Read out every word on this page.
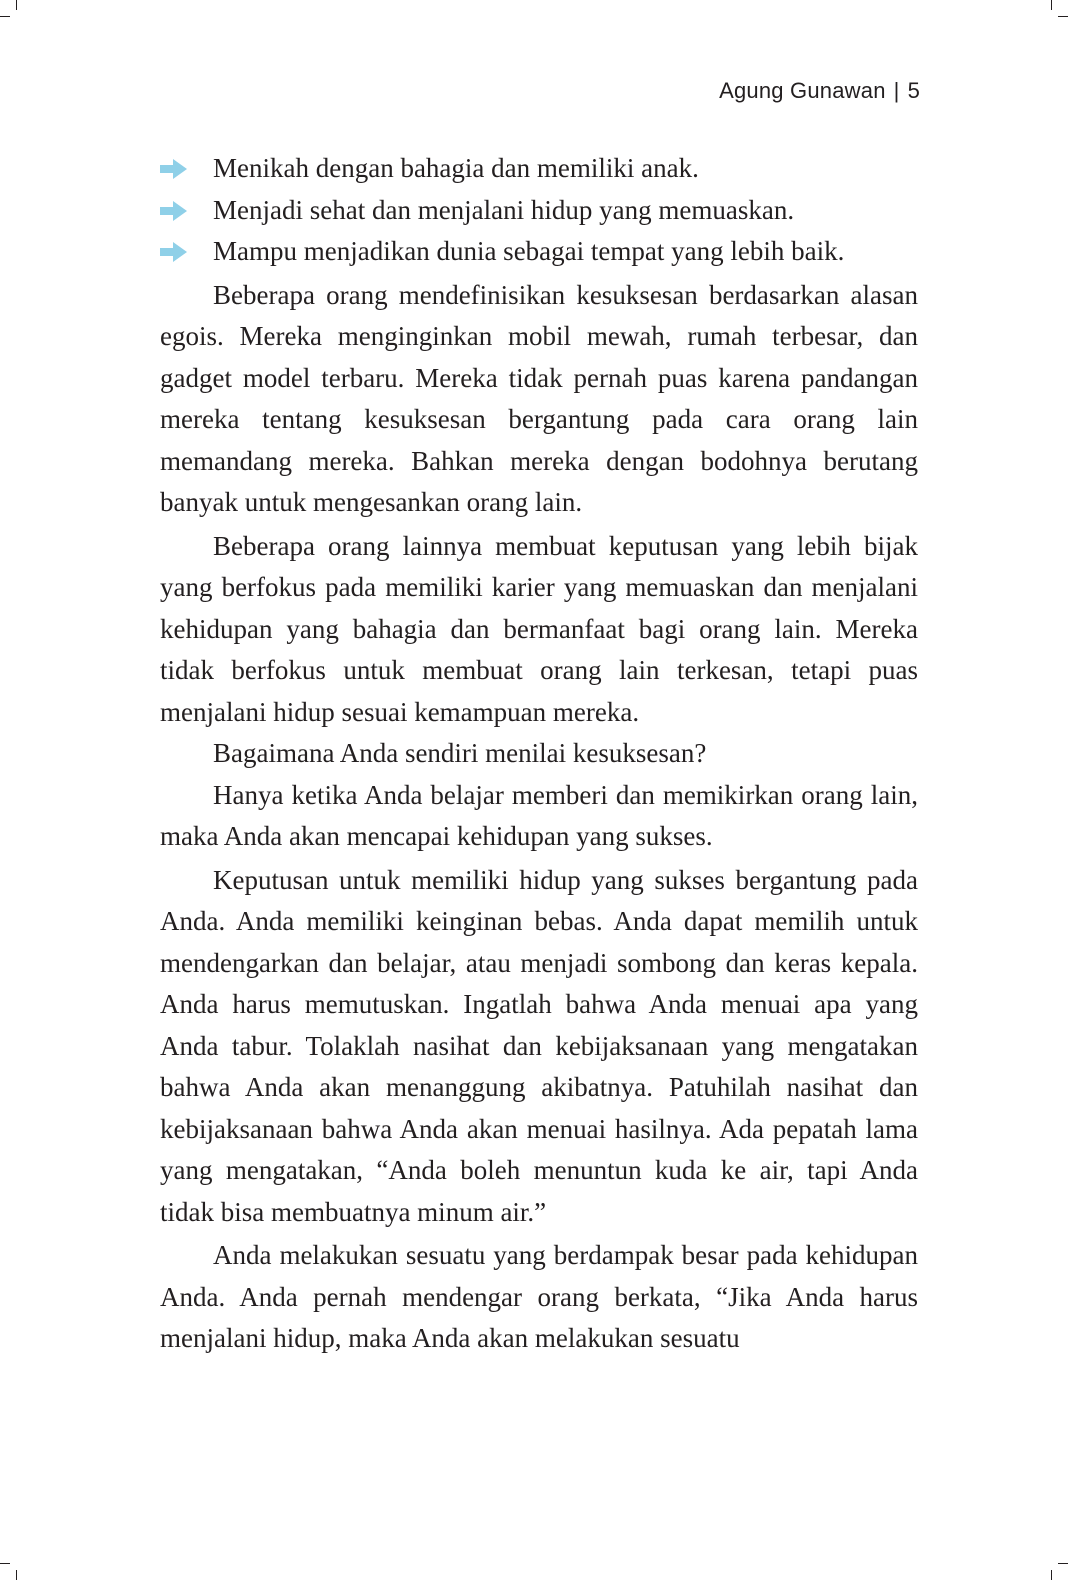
Agung Gunawan | 5
Menikah dengan bahagia dan memiliki anak.
Menjadi sehat dan menjalani hidup yang memuaskan.
Mampu menjadikan dunia sebagai tempat yang lebih baik.

Beberapa orang mendefinisikan kesuksesan berdasarkan alasan egois. Mereka menginginkan mobil mewah, rumah terbesar, dan gadget model terbaru. Mereka tidak pernah puas karena pandangan mereka tentang kesuksesan bergantung pada cara orang lain memandang mereka. Bahkan mereka dengan bodohnya berutang banyak untuk mengesankan orang lain.

Beberapa orang lainnya membuat keputusan yang lebih bijak yang berfokus pada memiliki karier yang memuaskan dan menjalani kehidupan yang bahagia dan bermanfaat bagi orang lain. Mereka tidak berfokus untuk membuat orang lain terkesan, tetapi puas menjalani hidup sesuai kemampuan mereka.

Bagaimana Anda sendiri menilai kesuksesan?

Hanya ketika Anda belajar memberi dan memikirkan orang lain, maka Anda akan mencapai kehidupan yang sukses.

Keputusan untuk memiliki hidup yang sukses bergantung pada Anda. Anda memiliki keinginan bebas. Anda dapat memilih untuk mendengarkan dan belajar, atau menjadi sombong dan keras kepala. Anda harus memutuskan. Ingatlah bahwa Anda menuai apa yang Anda tabur. Tolaklah nasihat dan kebijaksanaan yang mengatakan bahwa Anda akan menanggung akibatnya. Patuhilah nasihat dan kebijaksanaan bahwa Anda akan menuai hasilnya. Ada pepatah lama yang mengatakan, “Anda boleh menuntun kuda ke air, tapi Anda tidak bisa membuatnya minum air.”

Anda melakukan sesuatu yang berdampak besar pada kehidupan Anda. Anda pernah mendengar orang berkata, “Jika Anda harus menjalani hidup, maka Anda akan melakukan sesuatu
